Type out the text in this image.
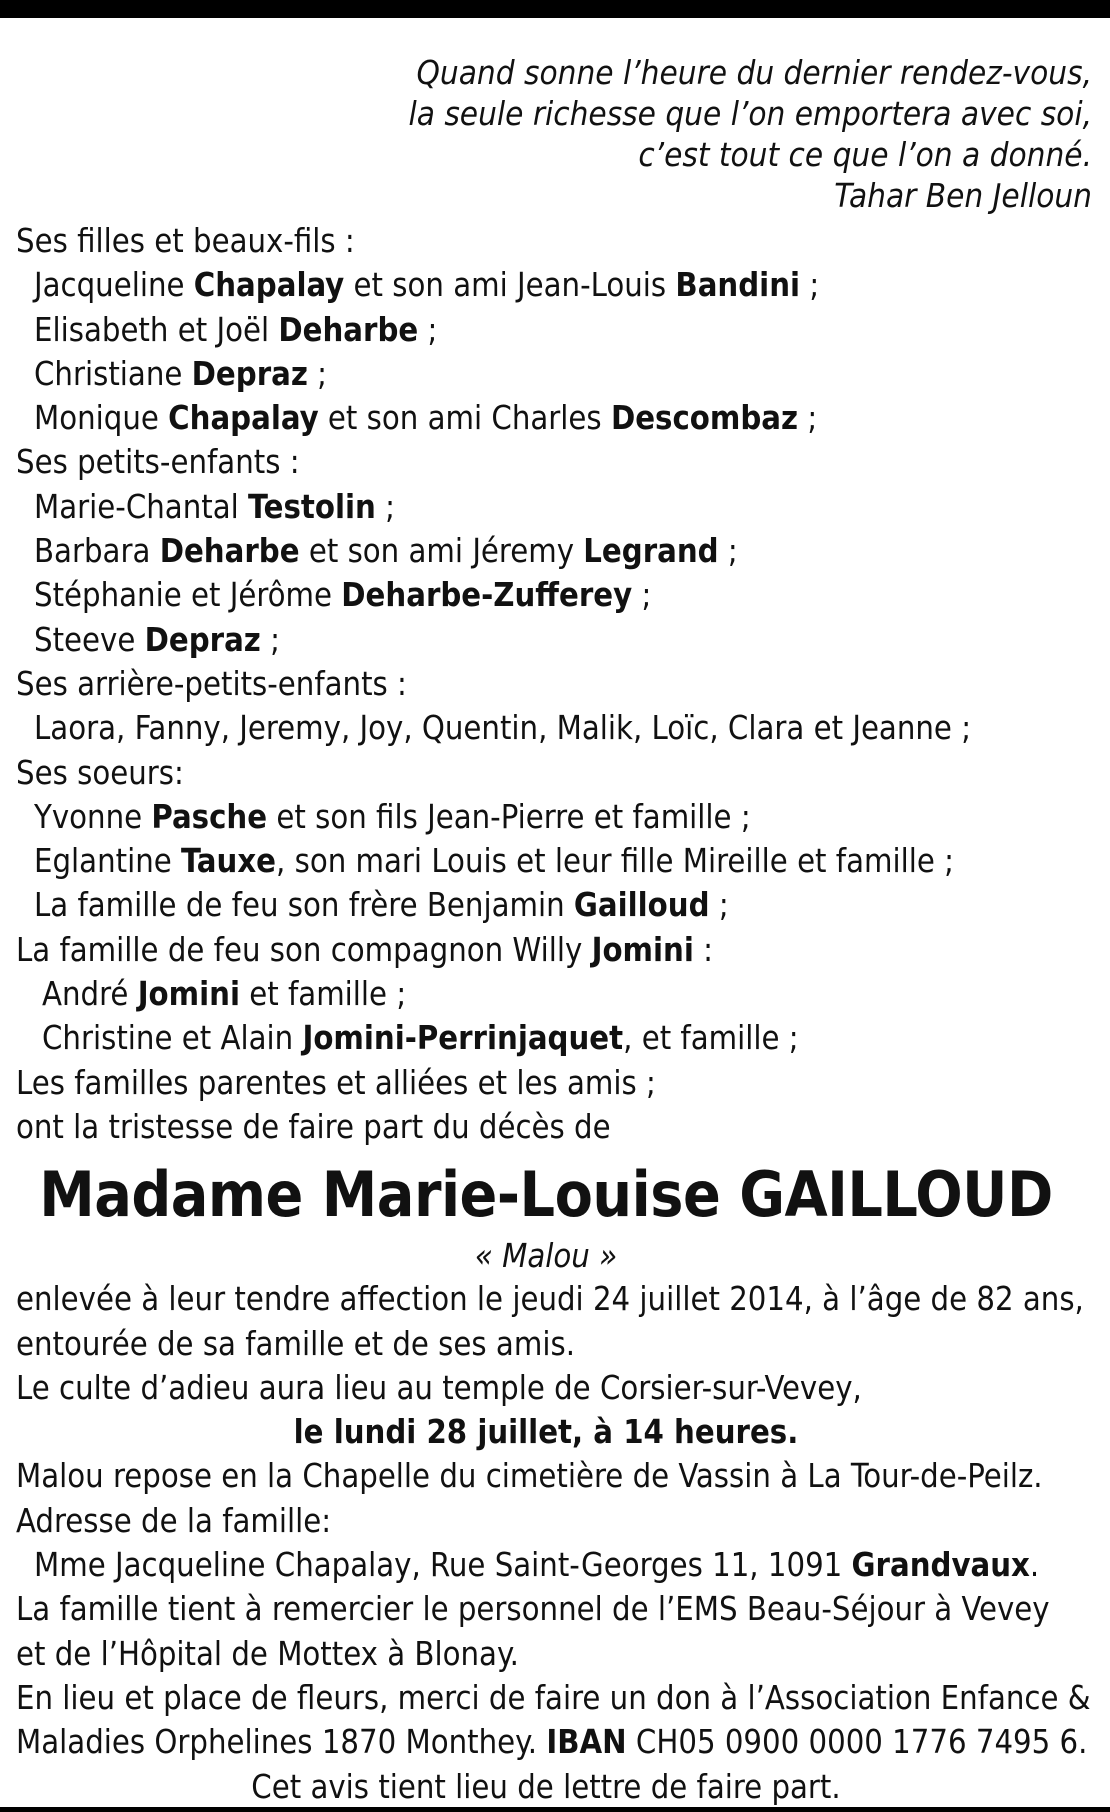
Quand sonne l’heure du dernier rendez-vous,
la seule richesse que l’on emportera avec soi,
c’est tout ce que l’on a donné.
Tahar Ben Jelloun
Ses filles et beaux-fils :
Jacqueline Chapalay et son ami Jean-Louis Bandini ;
Elisabeth et Joël Deharbe ;
Christiane Depraz ;
Monique Chapalay et son ami Charles Descombaz ;
Ses petits-enfants :
Marie-Chantal Testolin ;
Barbara Deharbe et son ami Jéremy Legrand ;
Stéphanie et Jérôme Deharbe-Zufferey ;
Steeve Depraz ;
Ses arrière-petits-enfants :
Laora, Fanny, Jeremy, Joy, Quentin, Malik, Loïc, Clara et Jeanne ;
Ses soeurs:
Yvonne Pasche et son fils Jean-Pierre et famille ;
Eglantine Tauxe, son mari Louis et leur fille Mireille et famille ;
La famille de feu son frère Benjamin Gailloud ;
La famille de feu son compagnon Willy Jomini :
André Jomini et famille ;
Christine et Alain Jomini-Perrinjaquet, et famille ;
Les familles parentes et alliées et les amis ;
ont la tristesse de faire part du décès de
Madame Marie-Louise GAILLOUD
« Malou »
enlevée à leur tendre affection le jeudi 24 juillet 2014, à l’âge de 82 ans,
entourée de sa famille et de ses amis.
Le culte d’adieu aura lieu au temple de Corsier-sur-Vevey,
le lundi 28 juillet, à 14 heures.
Malou repose en la Chapelle du cimetière de Vassin à La Tour-de-Peilz.
Adresse de la famille:
Mme Jacqueline Chapalay, Rue Saint-Georges 11, 1091 Grandvaux.
La famille tient à remercier le personnel de l’EMS Beau-Séjour à Vevey
et de l’Hôpital de Mottex à Blonay.
En lieu et place de fleurs, merci de faire un don à l’Association Enfance &
Maladies Orphelines 1870 Monthey. IBAN CH05 0900 0000 1776 7495 6.
Cet avis tient lieu de lettre de faire part.
